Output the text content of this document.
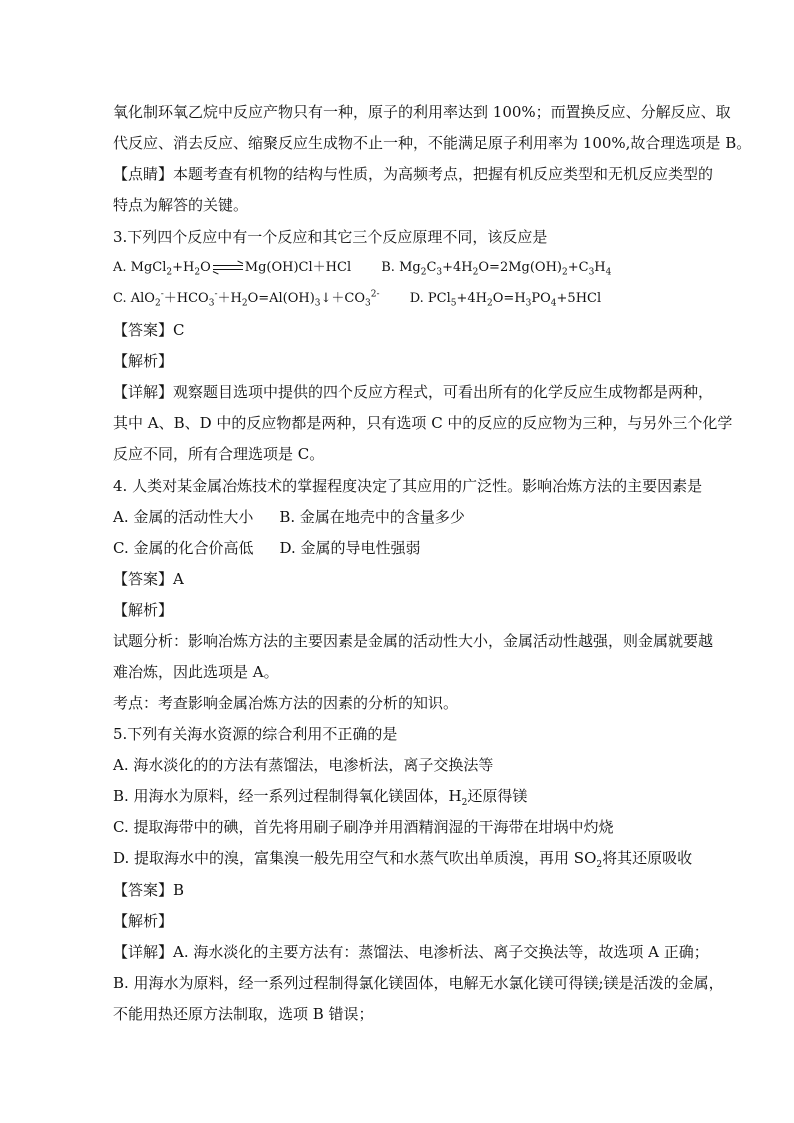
氧化制环氧乙烷中反应产物只有一种，原子的利用率达到 100%；而置换反应、分解反应、取
代反应、消去反应、缩聚反应生成物不止一种，不能满足原子利用率为 100%,故合理选项是 B。
【点睛】本题考查有机物的结构与性质，为高频考点，把握有机反应类型和无机反应类型的
特点为解答的关键。
3.下列四个反应中有一个反应和其它三个反应原理不同，该反应是
A. $MgCl_2+H_2O$	Mg(OH)Cl＋HCl B. $Mg_2C_3+4H_2O=2Mg(OH)_2+C_3H_4$
C. $AlO_2^-+HCO_3^-+H_2O=Al(OH)_3↓+CO_3^{2-}$ D. $PCl_5+4H_2O=H_3PO_4+5HCl$
【答案】C
【解析】
【详解】观察题目选项中提供的四个反应方程式，可看出所有的化学反应生成物都是两种，
其中 A、B、D 中的反应物都是两种，只有选项 C 中的反应的反应物为三种，与另外三个化学
反应不同，所有合理选项是 C。
4. 人类对某金属冶炼技术的掌握程度决定了其应用的广泛性。影响冶炼方法的主要因素是
A. 金属的活动性大小 B. 金属在地壳中的含量多少
C. 金属的化合价高低 D. 金属的导电性强弱
【答案】A
【解析】
试题分析：影响冶炼方法的主要因素是金属的活动性大小，金属活动性越强，则金属就要越
难冶炼，因此选项是 A。
考点：考查影响金属冶炼方法的因素的分析的知识。
5.下列有关海水资源的综合利用不正确的是
A. 海水淡化的的方法有蒸馏法，电渗析法，离子交换法等
B. 用海水为原料，经一系列过程制得氧化镁固体，$H_2$还原得镁
C. 提取海带中的碘，首先将用刷子刷净并用酒精润湿的干海带在坩埚中灼烧
D. 提取海水中的溴，富集溴一般先用空气和水蒸气吹出单质溴，再用 $SO_2$将其还原吸收
【答案】B
【解析】
【详解】A. 海水淡化的主要方法有：蒸馏法、电渗析法、离子交换法等，故选项 A 正确；
B. 用海水为原料，经一系列过程制得氯化镁固体，电解无水氯化镁可得镁;镁是活泼的金属，
不能用热还原方法制取，选项 B 错误；
